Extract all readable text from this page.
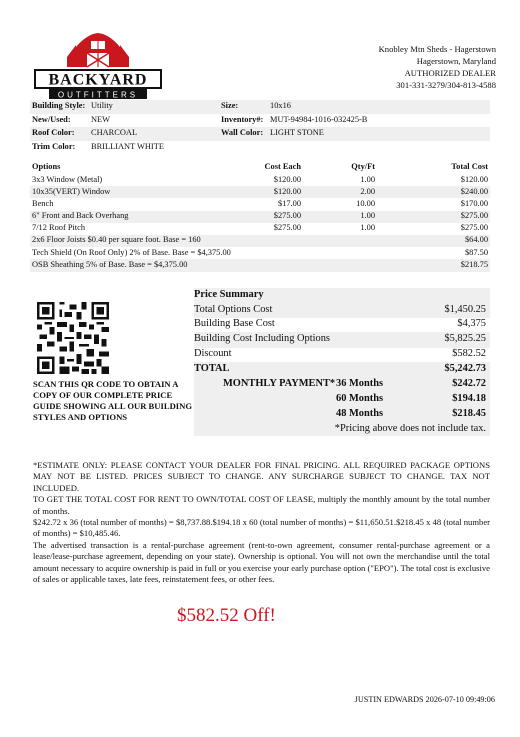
BACKYARD
OUTFITTERS
Knobley Mtn Sheds - Hagerstown
Hagerstown, Maryland
AUTHORIZED DEALER
301-331-3279/304-813-4588
Building Style: Utility	Size:	10x16
New/Used: NEW	Inventory#: MUT-94984-1016-032425-B
Roof Color: CHARCOAL	Wall Color: LIGHT STONE
Trim Color: BRILLIANT WHITE
Options	Cost Each	Qty/Ft	Total Cost
3x3 Window (Metal)	$120.00	1.00	$120.00
10x35(VERT) Window	$120.00	2.00	$240.00
Bench	$17.00	10.00	$170.00
6" Front and Back Overhang	$275.00	1.00	$275.00
7/12 Roof Pitch	$275.00	1.00	$275.00
2x6 Floor Joists $0.40 per square foot. Base = 160	$64.00
Tech Shield (On Roof Only) 2% of Base. Base = $4,375.00	$87.50
OSB Sheathing 5% of Base. Base = $4,375.00	$218.75
SCAN THIS QR CODE TO OBTAIN A COPY OF OUR COMPLETE PRICE GUIDE SHOWING ALL OUR BUILDING STYLES AND OPTIONS
Price Summary
Total Options Cost	$1,450.25
Building Base Cost	$4,375
Building Cost Including Options	$5,825.25
Discount	$582.52
TOTAL	$5,242.73
MONTHLY PAYMENT* 36 Months	$242.72
60 Months	$194.18
48 Months	$218.45
*Pricing above does not include tax.

*ESTIMATE ONLY: PLEASE CONTACT YOUR DEALER FOR FINAL PRICING. ALL REQUIRED PACKAGE OPTIONS MAY NOT BE LISTED. PRICES SUBJECT TO CHANGE. ANY SURCHARGE SUBJECT TO CHANGE. TAX NOT INCLUDED.

TO GET THE TOTAL COST FOR RENT TO OWN/TOTAL COST OF LEASE, multiply the monthly amount by the total number of months.

$242.72 x 36 (total number of months) = $8,737.88.$194.18 x 60 (total number of months) = $11,650.51.$218.45 x 48 (total number of months) = $10,485.46.

The advertised transaction is a rental-purchase agreement (rent-to-own agreement, consumer rental-purchase agreement or a lease/lease-purchase agreement, depending on your state). Ownership is optional. You will not own the merchandise until the total amount necessary to acquire ownership is paid in full or you exercise your early purchase option ("EPO"). The total cost is exclusive of sales or applicable taxes, late fees, reinstatement fees, or other fees.

$582.52 Off!
JUSTIN EDWARDS 2026-07-10 09:49:06
